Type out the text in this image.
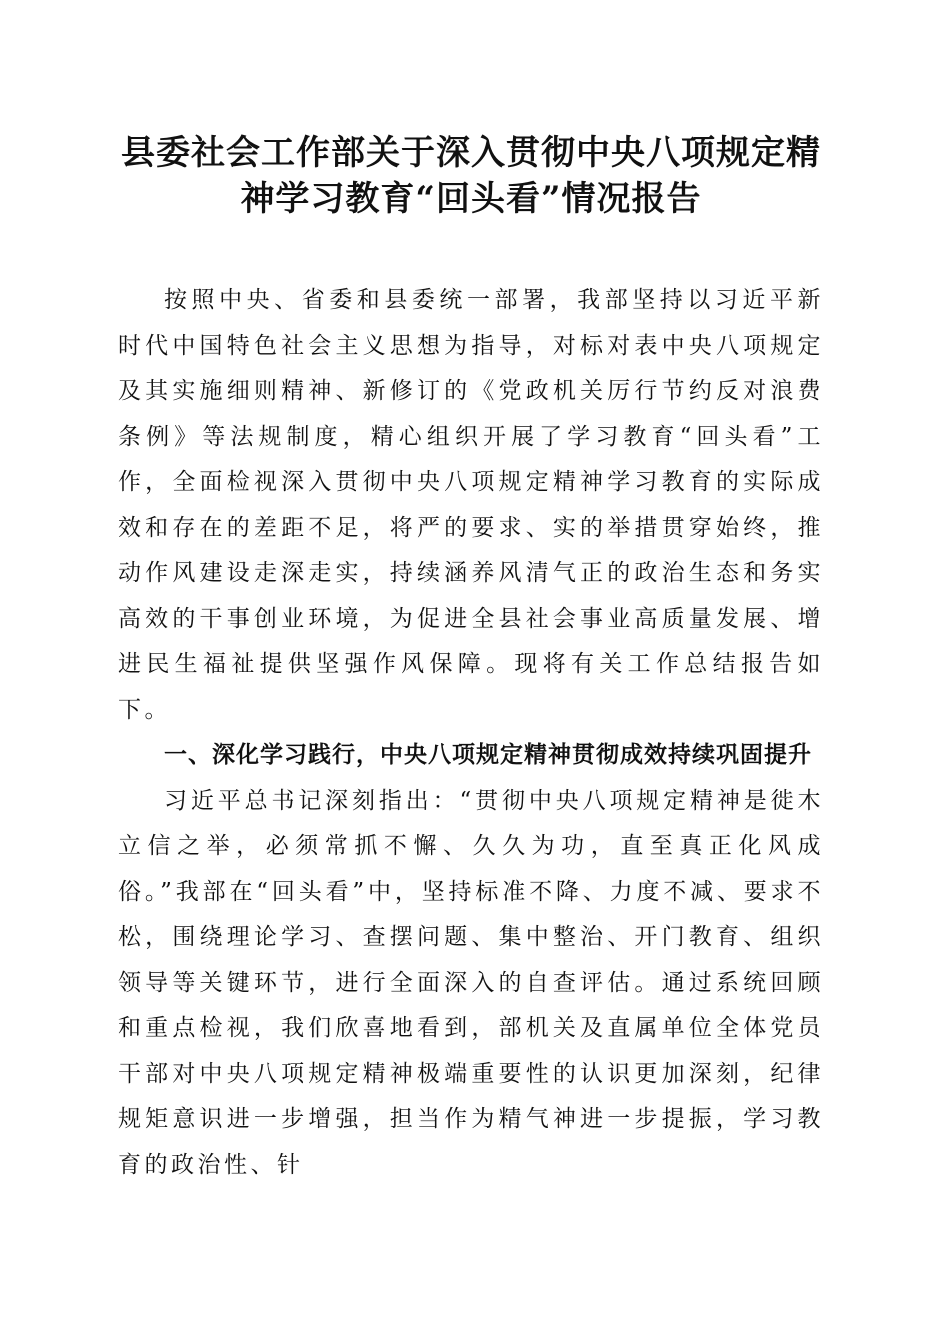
县委社会工作部关于深入贯彻中央八项规定精
神学习教育“回头看”情况报告

按照中央、省委和县委统一部署，我部坚持以习近平新时代中国特色社会主义思想为指导，对标对表中央八项规定及其实施细则精神、新修订的《党政机关厉行节约反对浪费条例》等法规制度，精心组织开展了学习教育“回头看”工作，全面检视深入贯彻中央八项规定精神学习教育的实际成效和存在的差距不足，将严的要求、实的举措贯穿始终，推动作风建设走深走实，持续涵养风清气正的政治生态和务实高效的干事创业环境，为促进全县社会事业高质量发展、增进民生福祉提供坚强作风保障。现将有关工作总结报告如下。

一、深化学习践行，中央八项规定精神贯彻成效持续巩固提升

习近平总书记深刻指出：“贯彻中央八项规定精神是徙木立信之举，必须常抓不懈、久久为功，直至真正化风成俗。”我部在“回头看”中，坚持标准不降、力度不减、要求不松，围绕理论学习、查摆问题、集中整治、开门教育、组织领导等关键环节，进行全面深入的自查评估。通过系统回顾和重点检视，我们欣喜地看到，部机关及直属单位全体党员干部对中央八项规定精神极端重要性的认识更加深刻，纪律规矩意识进一步增强，担当作为精气神进一步提振，学习教育的政治性、针
